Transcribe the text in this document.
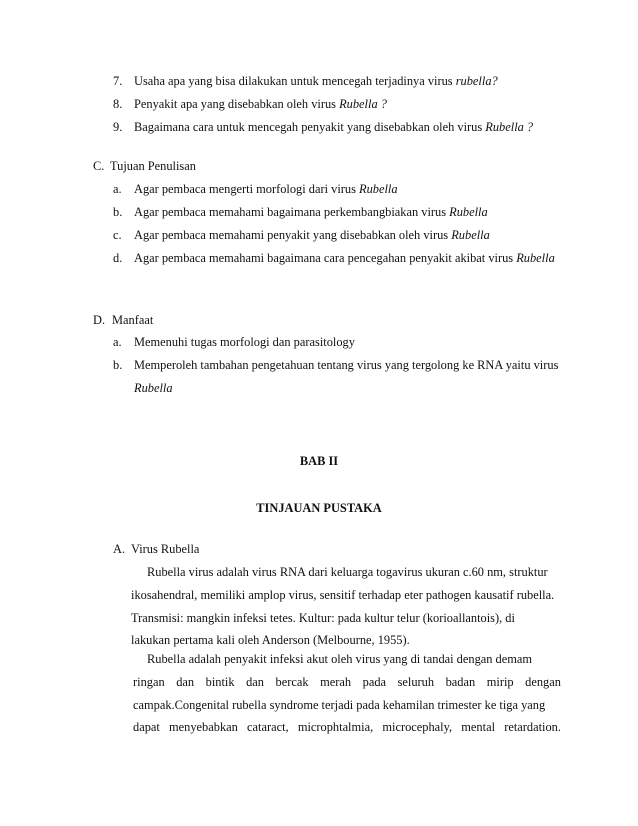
7. Usaha apa yang bisa dilakukan untuk mencegah terjadinya virus rubella?
8. Penyakit apa yang disebabkan oleh virus Rubella ?
9. Bagaimana cara untuk mencegah penyakit yang disebabkan oleh virus Rubella ?
C. Tujuan Penulisan
a. Agar pembaca mengerti morfologi dari virus Rubella
b. Agar pembaca memahami bagaimana perkembangbiakan virus Rubella
c. Agar pembaca memahami penyakit yang disebabkan oleh virus Rubella
d. Agar pembaca memahami bagaimana cara pencegahan penyakit akibat virus Rubella
D. Manfaat
a. Memenuhi tugas morfologi dan parasitology
b. Memperoleh tambahan pengetahuan tentang virus yang tergolong ke RNA yaitu virus
Rubella
BAB II
TINJAUAN PUSTAKA
A. Virus Rubella
Rubella virus adalah virus RNA dari keluarga togavirus ukuran c.60 nm, struktur
ikosahendral, memiliki amplop virus, sensitif terhadap eter pathogen kausatif rubella.
Transmisi: mangkin infeksi tetes. Kultur: pada kultur telur (korioallantois), di
lakukan pertama kali oleh Anderson (Melbourne, 1955).
Rubella adalah penyakit infeksi akut oleh virus yang di tandai dengan demam
ringan dan bintik dan bercak merah pada seluruh badan mirip dengan
campak.Congenital rubella syndrome terjadi pada kehamilan trimester ke tiga yang
dapat menyebabkan cataract, microphtalmia, microcephaly, mental retardation.
